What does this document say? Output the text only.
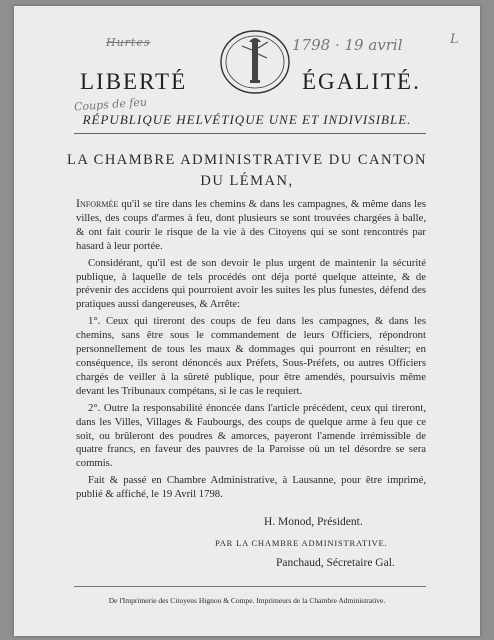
Hurtes	1798 · 19 avril	L
Coups de feu
LIBERTÉ	ÉGALITÉ.
RÉPUBLIQUE HELVÉTIQUE UNE ET INDIVISIBLE.
LA CHAMBRE ADMINISTRATIVE DU CANTON
DU LÉMAN,

Informée qu'il se tire dans les chemins & dans les campagnes, & même dans les villes, des coups d'armes à feu, dont plusieurs se sont trouvées chargées à balle, & ont fait courir le risque de la vie à des Citoyens qui se sont rencontrés par hasard à leur portée.

Considérant, qu'il est de son devoir le plus urgent de maintenir la sécurité publique, à laquelle de tels procédés ont déja porté quelque atteinte, & de prévenir des accidens qui pourroient avoir les suites les plus funestes, défend des pratiques aussi dangereuses, & Arrête:

1°. Ceux qui tireront des coups de feu dans les campagnes, & dans les chemins, sans être sous le commandement de leurs Officiers, répondront personnellement de tous les maux & dommages qui pourront en résulter; en conséquence, ils seront dénoncés aux Préfets, Sous-Préfets, ou autres Officiers chargés de veiller à la sûreté publique, pour être amendés, poursuivis même devant les Tribunaux compétans, si le cas le requiert.

2°. Outre la responsabilité énoncée dans l'article précédent, ceux qui tireront, dans les Villes, Villages & Faubourgs, des coups de quelque arme à feu que ce soit, ou brûleront des poudres & amorces, payeront l'amende irrémissible de quatre francs, en faveur des pauvres de la Paroisse où un tel désordre se sera commis.

Fait & passé en Chambre Administrative, à Lausanne, pour être imprimé, publié & affiché, le 19 Avril 1798.

H. Monod, Président.
PAR LA CHAMBRE ADMINISTRATIVE.
Panchaud, Sécretaire Gal.
De l'Imprimerie des Citoyens Hignou & Compe. Imprimeurs de la Chambre Administrative.
